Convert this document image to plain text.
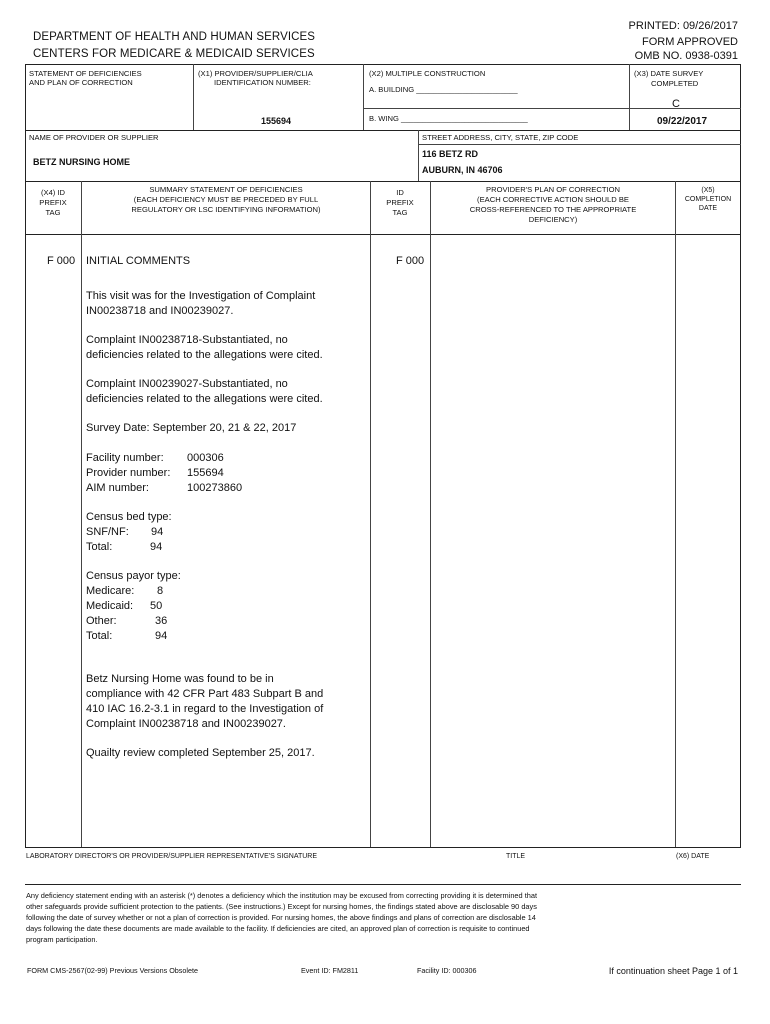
DEPARTMENT OF HEALTH AND HUMAN SERVICES
CENTERS FOR MEDICARE & MEDICAID SERVICES
PRINTED: 09/26/2017
FORM APPROVED
OMB NO. 0938-0391
STATEMENT OF DEFICIENCIES
AND PLAN OF CORRECTION
(X1) PROVIDER/SUPPLIER/CLIA
IDENTIFICATION NUMBER:
155694
(X2) MULTIPLE CONSTRUCTION
A. BUILDING ________________________
B. WING ______________________________
(X3) DATE SURVEY
COMPLETED
C
09/22/2017
NAME OF PROVIDER OR SUPPLIER
BETZ NURSING HOME
STREET ADDRESS, CITY, STATE, ZIP CODE
116 BETZ RD
AUBURN, IN 46706
(X4) ID
PREFIX
TAG
SUMMARY STATEMENT OF DEFICIENCIES
(EACH DEFICIENCY MUST BE PRECEDED BY FULL
REGULATORY OR LSC IDENTIFYING INFORMATION)
ID
PREFIX
TAG
PROVIDER'S PLAN OF CORRECTION
(EACH CORRECTIVE ACTION SHOULD BE
CROSS-REFERENCED TO THE APPROPRIATE
DEFICIENCY)
(X5)
COMPLETION
DATE
F 000	F 000
INITIAL COMMENTS
This visit was for the Investigation of Complaint
IN00238718 and IN00239027.
Complaint IN00238718-Substantiated, no
deficiencies related to the allegations were cited.
Complaint IN00239027-Substantiated, no
deficiencies related to the allegations were cited.
Survey Date: September 20, 21 & 22, 2017
Facility number: 000306
Provider number: 155694
AIM number:	100273860
Census bed type:
SNF/NF: 94
Total:	94
Census payor type:
Medicare: 8
Medicaid: 50
Other:	36
Total:	94
Betz Nursing Home was found to be in
compliance with 42 CFR Part 483 Subpart B and
410 IAC 16.2-3.1 in regard to the Investigation of
Complaint IN00238718 and IN00239027.
Quailty review completed September 25, 2017.
LABORATORY DIRECTOR'S OR PROVIDER/SUPPLIER REPRESENTATIVE'S SIGNATURE	TITLE	(X6) DATE
Any deficiency statement ending with an asterisk (*) denotes a deficiency which the institution may be excused from correcting providing it is determined that
other safeguards provide sufficient protection to the patients. (See instructions.) Except for nursing homes, the findings stated above are disclosable 90 days
following the date of survey whether or not a plan of correction is provided. For nursing homes, the above findings and plans of correction are disclosable 14
days following the date these documents are made available to the facility. If deficiencies are cited, an approved plan of correction is requisite to continued
program participation.
FORM CMS-2567(02-99) Previous Versions Obsolete	Event ID: FM2811	Facility ID: 000306	If continuation sheet Page 1 of 1
